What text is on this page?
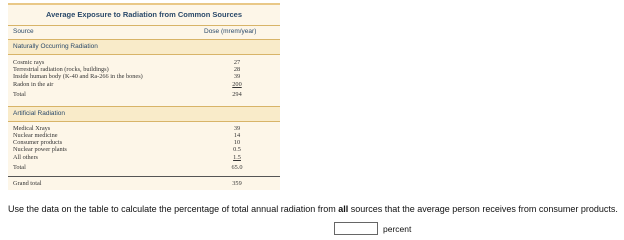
Average Exposure to Radiation from Common Sources
Source	Dose (mrem/year)
Naturally Occurring Radiation
Cosmic rays	27
Terrestrial radiation (rocks, buildings)	28
Inside human body (K-40 and Ra-266 in the bones)	39
Radon in the air	200
Total	294
Artificial Radiation
Medical Xrays	39
Nuclear medicine	14
Consumer products	10
Nuclear power plants	0.5
All others	1.5
Total	65.0
Grand total	359
Use the data on the table to calculate the percentage of total annual radiation from all sources that the average person receives from consumer products.
percent
